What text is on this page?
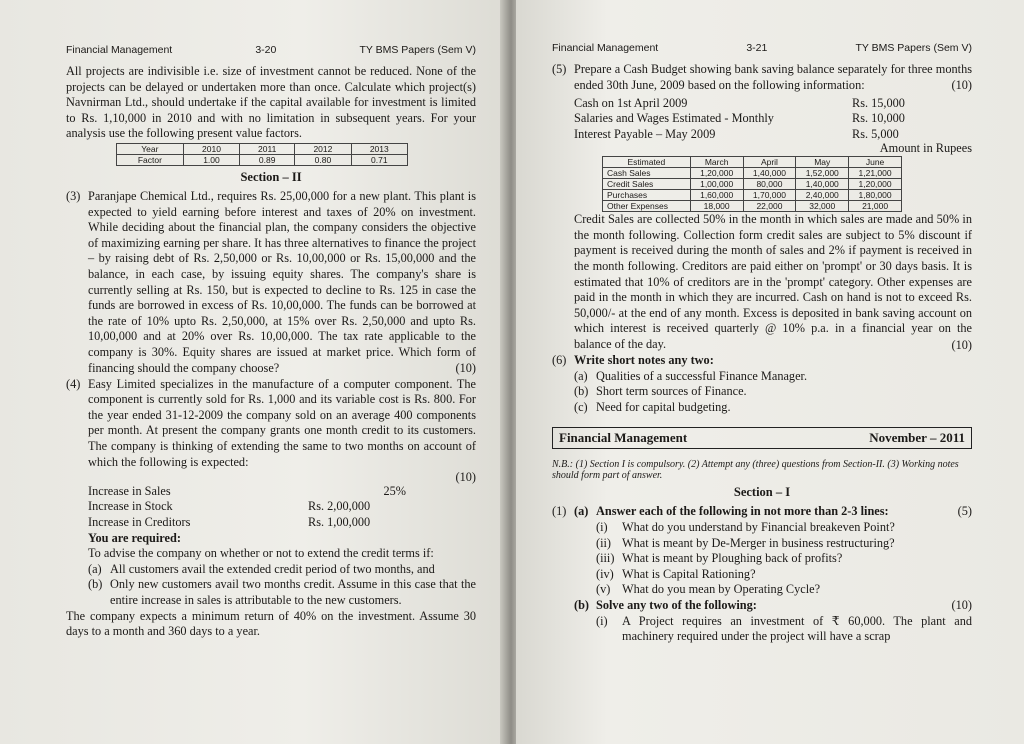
Financial Management	3-20	TY BMS Papers (Sem V)

All projects are indivisible i.e. size of investment cannot be reduced. None of the projects can be delayed or undertaken more than once. Calculate which project(s) Navnirman Ltd., should undertake if the capital available for investment is limited to Rs. 1,10,000 in 2010 and with no limitation in subsequent years. For your analysis use the following present value factors.

Year	2010	2011	2012	2013
Factor	1.00	0.89	0.80	0.71
Section – II
(3) Paranjape Chemical Ltd., requires Rs. 25,00,000 for a new plant. This plant is expected to yield earning before interest and taxes of 20% on investment. While deciding about the financial plan, the company considers the objective of maximizing earning per share. It has three alternatives to finance the project – by raising debt of Rs. 2,50,000 or Rs. 10,00,000 or Rs. 15,00,000 and the balance, in each case, by issuing equity shares. The company's share is currently selling at Rs. 150, but is expected to decline to Rs. 125 in case the funds are borrowed in excess of Rs. 10,00,000. The funds can be borrowed at the rate of 10% upto Rs. 2,50,000, at 15% over Rs. 2,50,000 and upto Rs. 10,00,000 and at 20% over Rs. 10,00,000. The tax rate applicable to the company is 30%. Equity shares are issued at market price. Which form of financing should the company choose?	(10)
(4) Easy Limited specializes in the manufacture of a computer component. The component is currently sold for Rs. 1,000 and its variable cost is Rs. 800. For the year ended 31-12-2009 the company sold on an average 400 components per month. At present the company grants one month credit to its customers. The company is thinking of extending the same to two months on account of which the following is expected:
(10)
Increase in Sales	25%
Increase in Stock	Rs. 2,00,000
Increase in Creditors	Rs. 1,00,000
You are required:
To advise the company on whether or not to extend the credit terms if:
(a) All customers avail the extended credit period of two months, and
(b) Only new customers avail two months credit. Assume in this case that the entire increase in sales is attributable to the new customers.
The company expects a minimum return of 40% on the investment. Assume 30 days to a month and 360 days to a year.
Financial Management	3-21	TY BMS Papers (Sem V)
(5) Prepare a Cash Budget showing bank saving balance separately for three months ended 30th June, 2009 based on the following information:	(10)
Cash on 1st April 2009	Rs. 15,000
Salaries and Wages Estimated - Monthly	Rs. 10,000
Interest Payable – May 2009	Rs. 5,000
Amount in Rupees
Estimated	March	April	May	June
Cash Sales	1,20,000	1,40,000	1,52,000	1,21,000
Credit Sales	1,00,000	80,000	1,40,000	1,20,000
Purchases	1,60,000	1,70,000	2,40,000	1,80,000
Other Expenses	18,000	22,000	32,000	21,000

Credit Sales are collected 50% in the month in which sales are made and 50% in the month following. Collection form credit sales are subject to 5% discount if payment is received during the month of sales and 2% if payment is received in the month following. Creditors are paid either on 'prompt' or 30 days basis. It is estimated that 10% of creditors are in the 'prompt' category. Other expenses are paid in the month in which they are incurred. Cash on hand is not to exceed Rs. 50,000/- at the end of any month. Excess is deposited in bank saving account on which interest is received quarterly @ 10% p.a. in a financial year on the balance of the day.

(6)
(10)
Write short notes any two:
(a) Qualities of a successful Finance Manager.
(b) Short term sources of Finance.
(c) Need for capital budgeting.
Financial Management	November – 2011
N.B.: (1) Section I is compulsory. (2) Attempt any (three) questions from Section-II. (3) Working notes should form part of answer.
Section – I
(1) (a) Answer each of the following in not more than 2-3 lines:	(5)
(i)	What do you understand by Financial breakeven Point?
(ii) What is meant by De-Merger in business restructuring?
(iii) What is meant by Ploughing back of profits?
(iv) What is Capital Rationing?
(v) What do you mean by Operating Cycle?
(b) Solve any two of the following:	(10)
(i)	A Project requires an investment of ₹ 60,000. The plant and machinery required under the project will have a scrap
